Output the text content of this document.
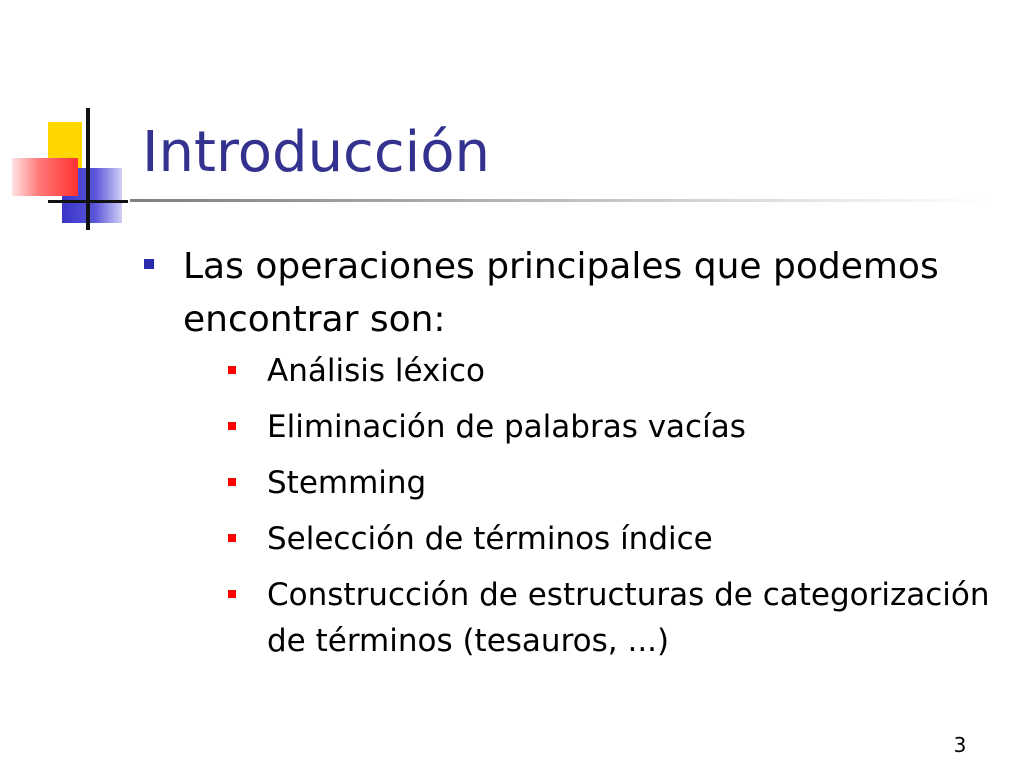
Introducción
Las operaciones principales que podemos encontrar son:
Análisis léxico
Eliminación de palabras vacías
Stemming
Selección de términos índice
Construcción de estructuras de categorización de términos (tesauros, ...)
3
